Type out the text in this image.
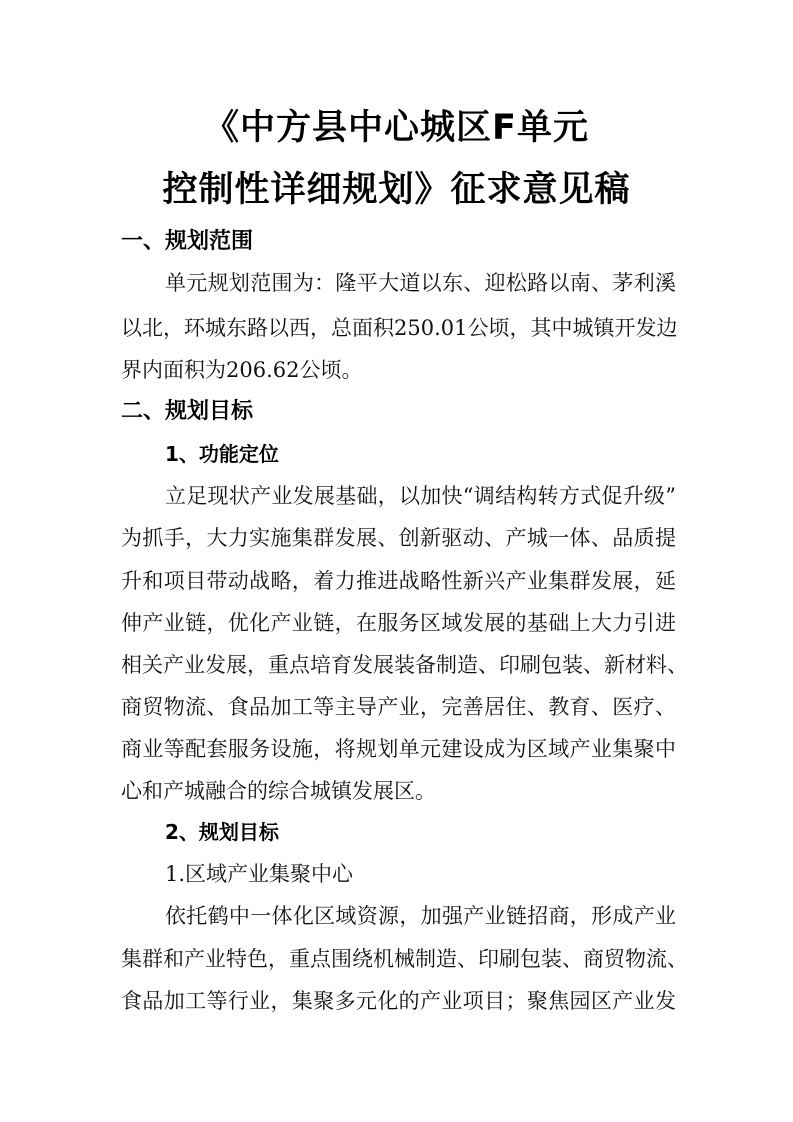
《中方县中心城区F单元
控制性详细规划》征求意见稿
一、规划范围
单元规划范围为：隆平大道以东、迎松路以南、茅利溪
以北，环城东路以西，总面积250.01公顷，其中城镇开发边
界内面积为206.62公顷。
二、规划目标
1、功能定位
立足现状产业发展基础，以加快“调结构转方式促升级”
为抓手，大力实施集群发展、创新驱动、产城一体、品质提
升和项目带动战略，着力推进战略性新兴产业集群发展，延
伸产业链，优化产业链，在服务区域发展的基础上大力引进
相关产业发展，重点培育发展装备制造、印刷包装、新材料、
商贸物流、食品加工等主导产业，完善居住、教育、医疗、
商业等配套服务设施，将规划单元建设成为区域产业集聚中
心和产城融合的综合城镇发展区。
2、规划目标
1.区域产业集聚中心
依托鹤中一体化区域资源，加强产业链招商，形成产业
集群和产业特色，重点围绕机械制造、印刷包装、商贸物流、
食品加工等行业，集聚多元化的产业项目；聚焦园区产业发
